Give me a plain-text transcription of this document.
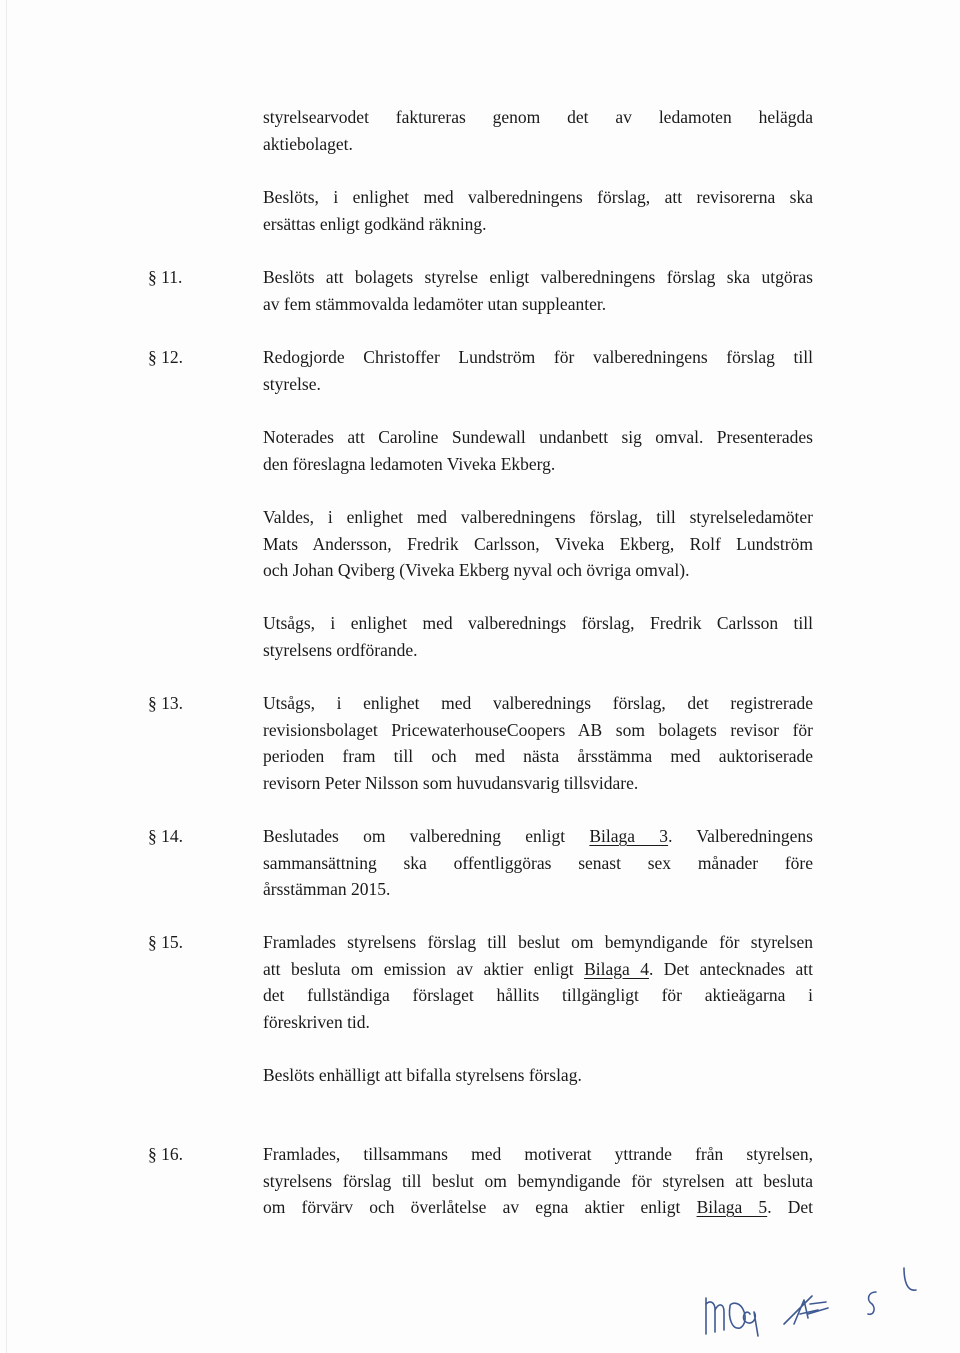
styrelsearvodet faktureras genom det av ledamoten helägda
aktiebolaget.
Beslöts, i enlighet med valberedningens förslag, att revisorerna ska
ersättas enligt godkänd räkning.
§ 11.	Beslöts att bolagets styrelse enligt valberedningens förslag ska utgöras
av fem stämmovalda ledamöter utan suppleanter.
§ 12.	Redogjorde Christoffer Lundström för valberedningens förslag till
styrelse.
Noterades att Caroline Sundewall undanbett sig omval. Presenterades
den föreslagna ledamoten Viveka Ekberg.
Valdes, i enlighet med valberedningens förslag, till styrelseledamöter
Mats Andersson, Fredrik Carlsson, Viveka Ekberg, Rolf Lundström
och Johan Qviberg (Viveka Ekberg nyval och övriga omval).
Utsågs, i enlighet med valberednings förslag, Fredrik Carlsson till
styrelsens ordförande.
§ 13.	Utsågs, i enlighet med valberednings förslag, det registrerade
revisionsbolaget PricewaterhouseCoopers AB som bolagets revisor för
perioden fram till och med nästa årsstämma med auktoriserade
revisorn Peter Nilsson som huvudansvarig tillsvidare.
§ 14.	Beslutades om valberedning enligt Bilaga 3. Valberedningens
sammansättning ska offentliggöras senast sex månader före
årsstämman 2015.
§ 15.	Framlades styrelsens förslag till beslut om bemyndigande för styrelsen
att besluta om emission av aktier enligt Bilaga 4. Det antecknades att
det fullständiga förslaget hållits tillgängligt för aktieägarna i
föreskriven tid.
Beslöts enhälligt att bifalla styrelsens förslag.
§ 16.	Framlades, tillsammans med motiverat yttrande från styrelsen,
styrelsens förslag till beslut om bemyndigande för styrelsen att besluta
om förvärv och överlåtelse av egna aktier enligt Bilaga 5. Det
